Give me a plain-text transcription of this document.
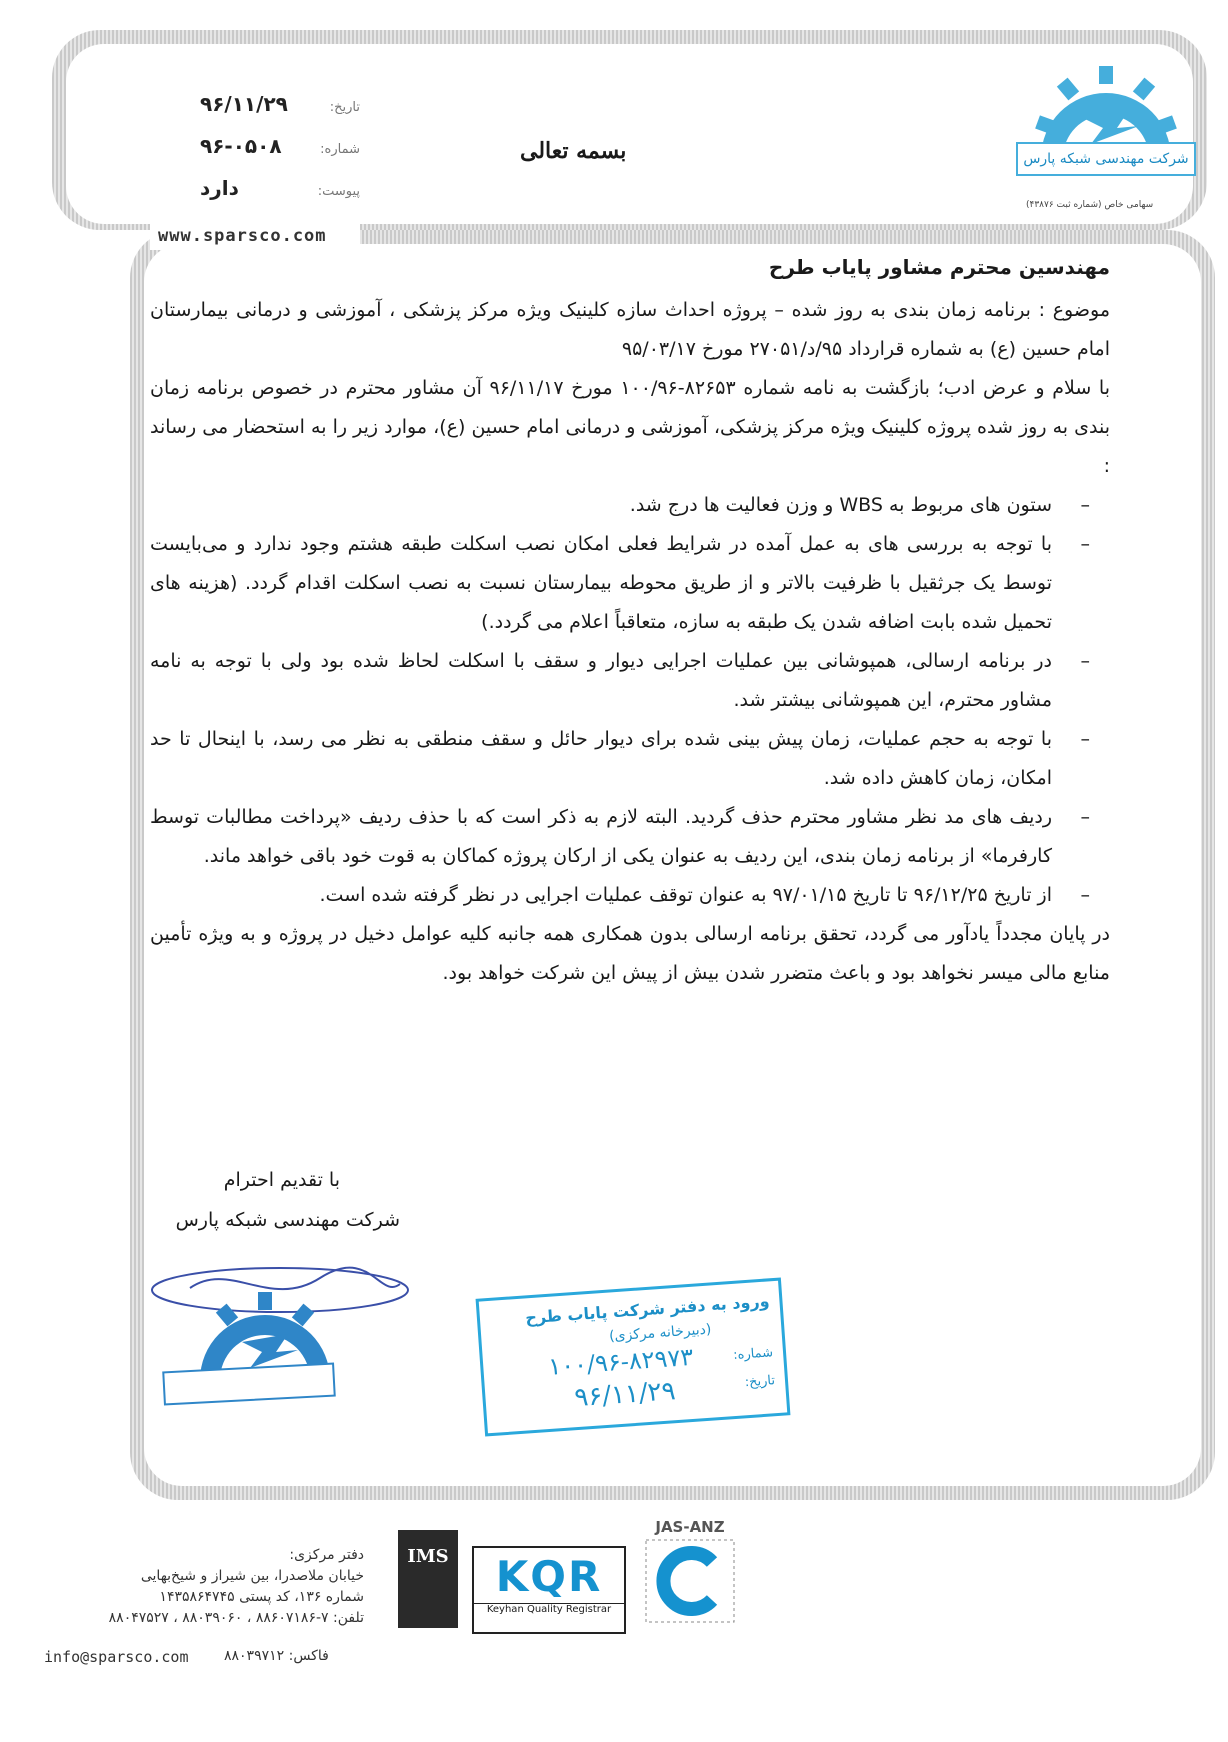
www.sparsco.com
تاریخ:
۹۶/۱۱/۲۹
شماره:
۹۶-۰۵۰۸
پیوست:
دارد
بسمه تعالی	شرکت مهندسی شبکه پارس
سهامی خاص (شماره ثبت ۴۳۸۷۶)

مهندسین محترم مشاور پایاب طرح

موضوع : برنامه زمان بندی به روز شده – پروژه احداث سازه کلینیک ویژه مرکز پزشکی ، آموزشی و درمانی بیمارستان امام حسین (ع) به شماره قرارداد ۹۵/د/۲۷۰۵۱ مورخ ۹۵/۰۳/۱۷

با سلام و عرض ادب؛ بازگشت به نامه شماره ۸۲۶۵۳-۱۰۰/۹۶ مورخ ۹۶/۱۱/۱۷ آن مشاور محترم در خصوص برنامه زمان بندی به روز شده پروژه کلینیک ویژه مرکز پزشکی، آموزشی و درمانی امام حسین (ع)، موارد زیر را به استحضار می رساند :

– ستون های مربوط به WBS و وزن فعالیت ها درج شد.
– با توجه به بررسی های به عمل آمده در شرایط فعلی امکان نصب اسکلت طبقه هشتم وجود ندارد و می‌بایست توسط یک جرثقیل با ظرفیت بالاتر و از طریق محوطه بیمارستان نسبت به نصب اسکلت اقدام گردد. (هزینه های تحمیل شده بابت اضافه شدن یک طبقه به سازه، متعاقباً اعلام می گردد.)
– در برنامه ارسالی، همپوشانی بین عملیات اجرایی دیوار و سقف با اسکلت لحاظ شده بود ولی با توجه به نامه مشاور محترم، این همپوشانی بیشتر شد.
– با توجه به حجم عملیات، زمان پیش بینی شده برای دیوار حائل و سقف منطقی به نظر می رسد، با اینحال تا حد امکان، زمان کاهش داده شد.
– ردیف های مد نظر مشاور محترم حذف گردید. البته لازم به ذکر است که با حذف ردیف «پرداخت مطالبات توسط کارفرما» از برنامه زمان بندی، این ردیف به عنوان یکی از ارکان پروژه کماکان به قوت خود باقی خواهد ماند.
– از تاریخ ۹۶/۱۲/۲۵ تا تاریخ ۹۷/۰۱/۱۵ به عنوان توقف عملیات اجرایی در نظر گرفته شده است.

در پایان مجدداً یادآور می گردد، تحقق برنامه ارسالی بدون همکاری همه جانبه کلیه عوامل دخیل در پروژه و به ویژه تأمین منابع مالی میسر نخواهد بود و باعث متضرر شدن بیش از پیش این شرکت خواهد بود.

با تقدیم احترام
شرکت مهندسی شبکه پارس
ورود به دفتر شرکت پایاب طرح
(دبیرخانه مرکزی)
شماره:
۱۰۰/۹۶-۸۲۹۷۳
تاریخ:
۹۶/۱۱/۲۹
دفتر مرکزی:
خیابان ملاصدرا، بین شیراز و شیخ‌بهایی
شماره ۱۳۶، کد پستی ۱۴۳۵۸۶۴۷۴۵
تلفن: ۷-۸۸۶۰۷۱۸۶ ، ۸۸۰۳۹۰۶۰ ، ۸۸۰۴۷۵۲۷
info@sparsco.com	فاکس: ۸۸۰۳۹۷۱۲
IMS	KQR
Keyhan Quality Registrar
JAS-ANZ
